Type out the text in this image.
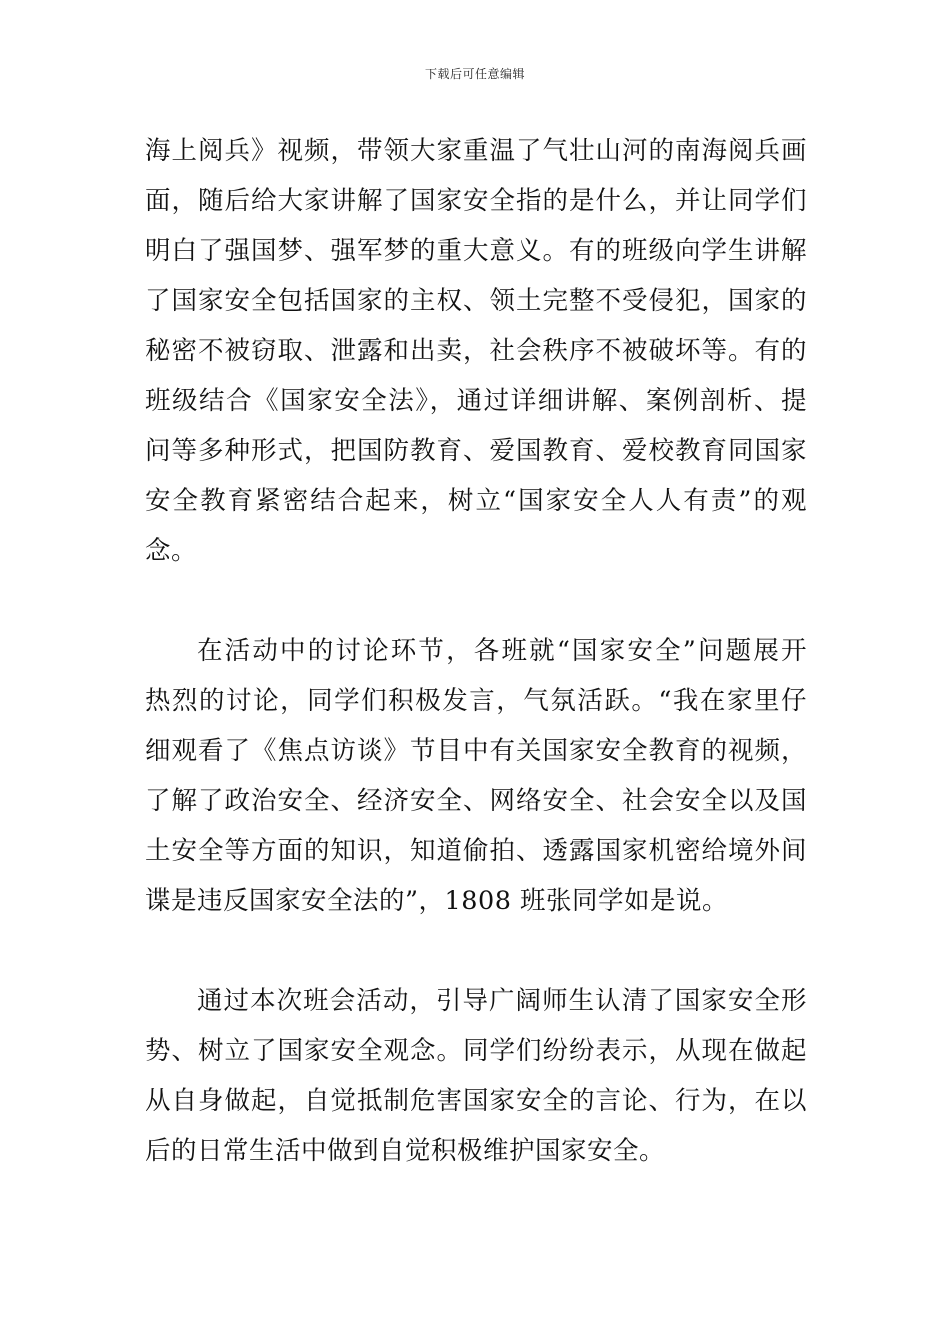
下载后可任意编辑
海上阅兵》视频，带领大家重温了气壮山河的南海阅兵画
面，随后给大家讲解了国家安全指的是什么，并让同学们
明白了强国梦、强军梦的重大意义。有的班级向学生讲解
了国家安全包括国家的主权、领土完整不受侵犯，国家的
秘密不被窃取、泄露和出卖，社会秩序不被破坏等。有的
班级结合《国家安全法》，通过详细讲解、案例剖析、提
问等多种形式，把国防教育、爱国教育、爱校教育同国家
安全教育紧密结合起来，树立“国家安全人人有责”的观
念。
在活动中的讨论环节，各班就“国家安全”问题展开
热烈的讨论，同学们积极发言，气氛活跃。“我在家里仔
细观看了《焦点访谈》节目中有关国家安全教育的视频，
了解了政治安全、经济安全、网络安全、社会安全以及国
土安全等方面的知识，知道偷拍、透露国家机密给境外间
谍是违反国家安全法的”，1808 班张同学如是说。
通过本次班会活动，引导广阔师生认清了国家安全形
势、树立了国家安全观念。同学们纷纷表示，从现在做起
从自身做起，自觉抵制危害国家安全的言论、行为，在以
后的日常生活中做到自觉积极维护国家安全。
